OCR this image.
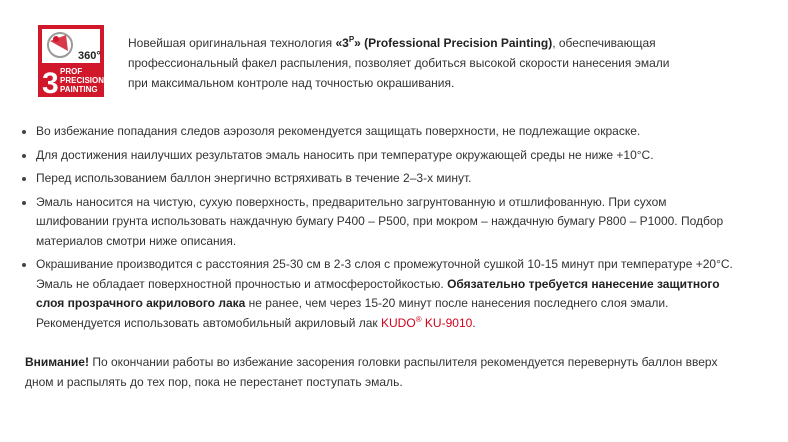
360°
3 PROF
PRECISION
PAINTING
Новейшая оригинальная технология «$3^P$» (Professional Precision Painting), обеспечивающая
профессиональный факел распыления, позволяет добиться высокой скорости нанесения эмали
при максимальном контроле над точностью окрашивания.
Во избежание попадания следов аэрозоля рекомендуется защищать поверхности, не подлежащие окраске.
Для достижения наилучших результатов эмаль наносить при температуре окружающей среды не ниже +10°С.
Перед использованием баллон энергично встряхивать в течение 2–3-х минут.
Эмаль наносится на чистую, сухую поверхность, предварительно загрунтованную и отшлифованную. При сухом шлифовании грунта использовать наждачную бумагу Р400 – Р500, при мокром – наждачную бумагу Р800 – Р1000. Подбор материалов смотри ниже описания.
Окрашивание производится с расстояния 25-30 см в 2-3 слоя с промежуточной сушкой 10-15 минут при температуре +20°С.
Эмаль не обладает поверхностной прочностью и атмосферостойкостью. Обязательно требуется нанесение защитного слоя прозрачного акрилового лака не ранее, чем через 15-20 минут после нанесения последнего слоя эмали. Рекомендуется использовать автомобильный акриловый лак KUDO® KU-9010.
Внимание! По окончании работы во избежание засорения головки распылителя рекомендуется перевернуть баллон вверх дном и распылять до тех пор, пока не перестанет поступать эмаль.
